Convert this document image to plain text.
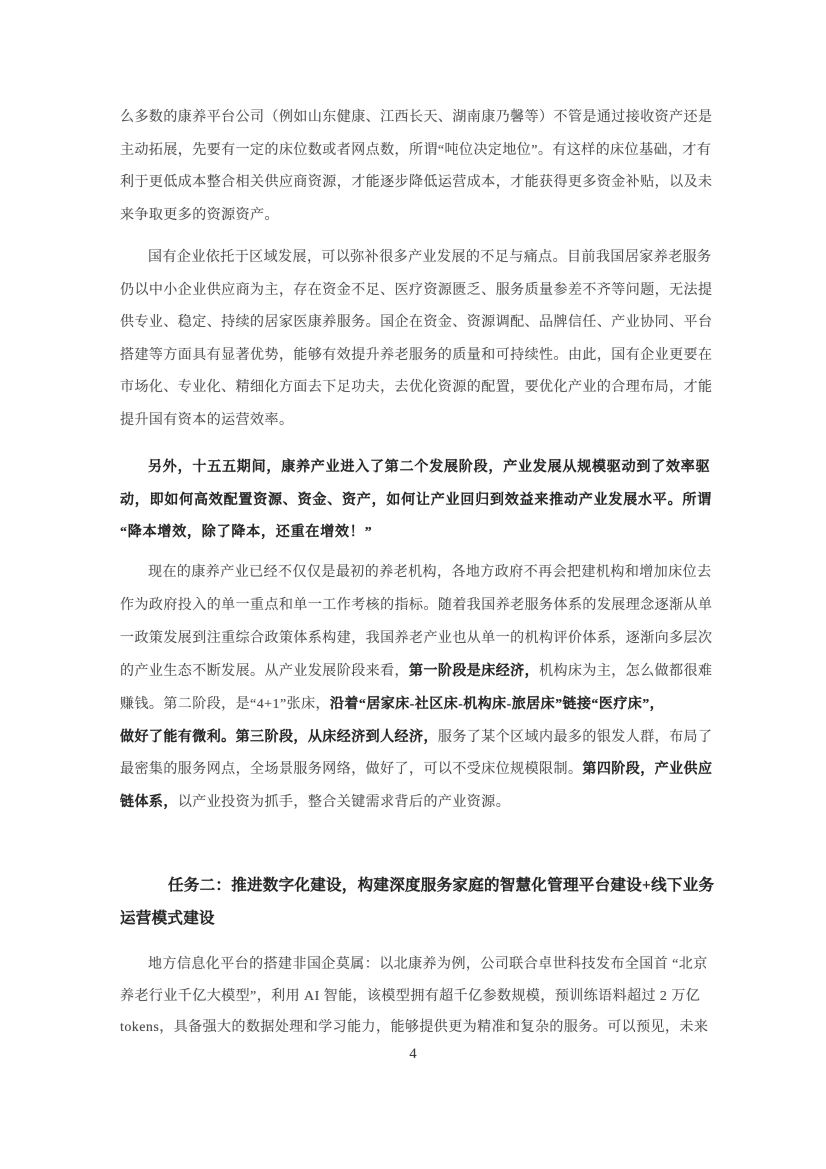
么多数的康养平台公司（例如山东健康、江西长天、湖南康乃馨等）不管是通过接收资产还是
主动拓展，先要有一定的床位数或者网点数，所谓“吨位决定地位”。有这样的床位基础，才有
利于更低成本整合相关供应商资源，才能逐步降低运营成本，才能获得更多资金补贴，以及未
来争取更多的资源资产。
国有企业依托于区域发展，可以弥补很多产业发展的不足与痛点。目前我国居家养老服务
仍以中小企业供应商为主，存在资金不足、医疗资源匮乏、服务质量参差不齐等问题，无法提
供专业、稳定、持续的居家医康养服务。国企在资金、资源调配、品牌信任、产业协同、平台
搭建等方面具有显著优势，能够有效提升养老服务的质量和可持续性。由此，国有企业更要在
市场化、专业化、精细化方面去下足功夫，去优化资源的配置，要优化产业的合理布局，才能
提升国有资本的运营效率。
另外，十五五期间，康养产业进入了第二个发展阶段，产业发展从规模驱动到了效率驱
动，即如何高效配置资源、资金、资产，如何让产业回归到效益来推动产业发展水平。所谓
“降本增效，除了降本，还重在增效！”
现在的康养产业已经不仅仅是最初的养老机构，各地方政府不再会把建机构和增加床位去
作为政府投入的单一重点和单一工作考核的指标。随着我国养老服务体系的发展理念逐渐从单
一政策发展到注重综合政策体系构建，我国养老产业也从单一的机构评价体系，逐渐向多层次
的产业生态不断发展。从产业发展阶段来看，第一阶段是床经济，机构床为主，怎么做都很难
赚钱。第二阶段，是“4+1”张床，沿着“居家床-社区床-机构床-旅居床”链接“医疗床”，
做好了能有微利。第三阶段，从床经济到人经济，服务了某个区域内最多的银发人群，布局了
最密集的服务网点，全场景服务网络，做好了，可以不受床位规模限制。第四阶段，产业供应
链体系，以产业投资为抓手，整合关键需求背后的产业资源。
任务二：推进数字化建设，构建深度服务家庭的智慧化管理平台建设+线下业务
运营模式建设
地方信息化平台的搭建非国企莫属：以北康养为例，公司联合卓世科技发布全国首 “北京
养老行业千亿大模型”，利用 AI 智能，该模型拥有超千亿参数规模，预训练语料超过 2 万亿
tokens，具备强大的数据处理和学习能力，能够提供更为精准和复杂的服务。可以预见，未来
4
